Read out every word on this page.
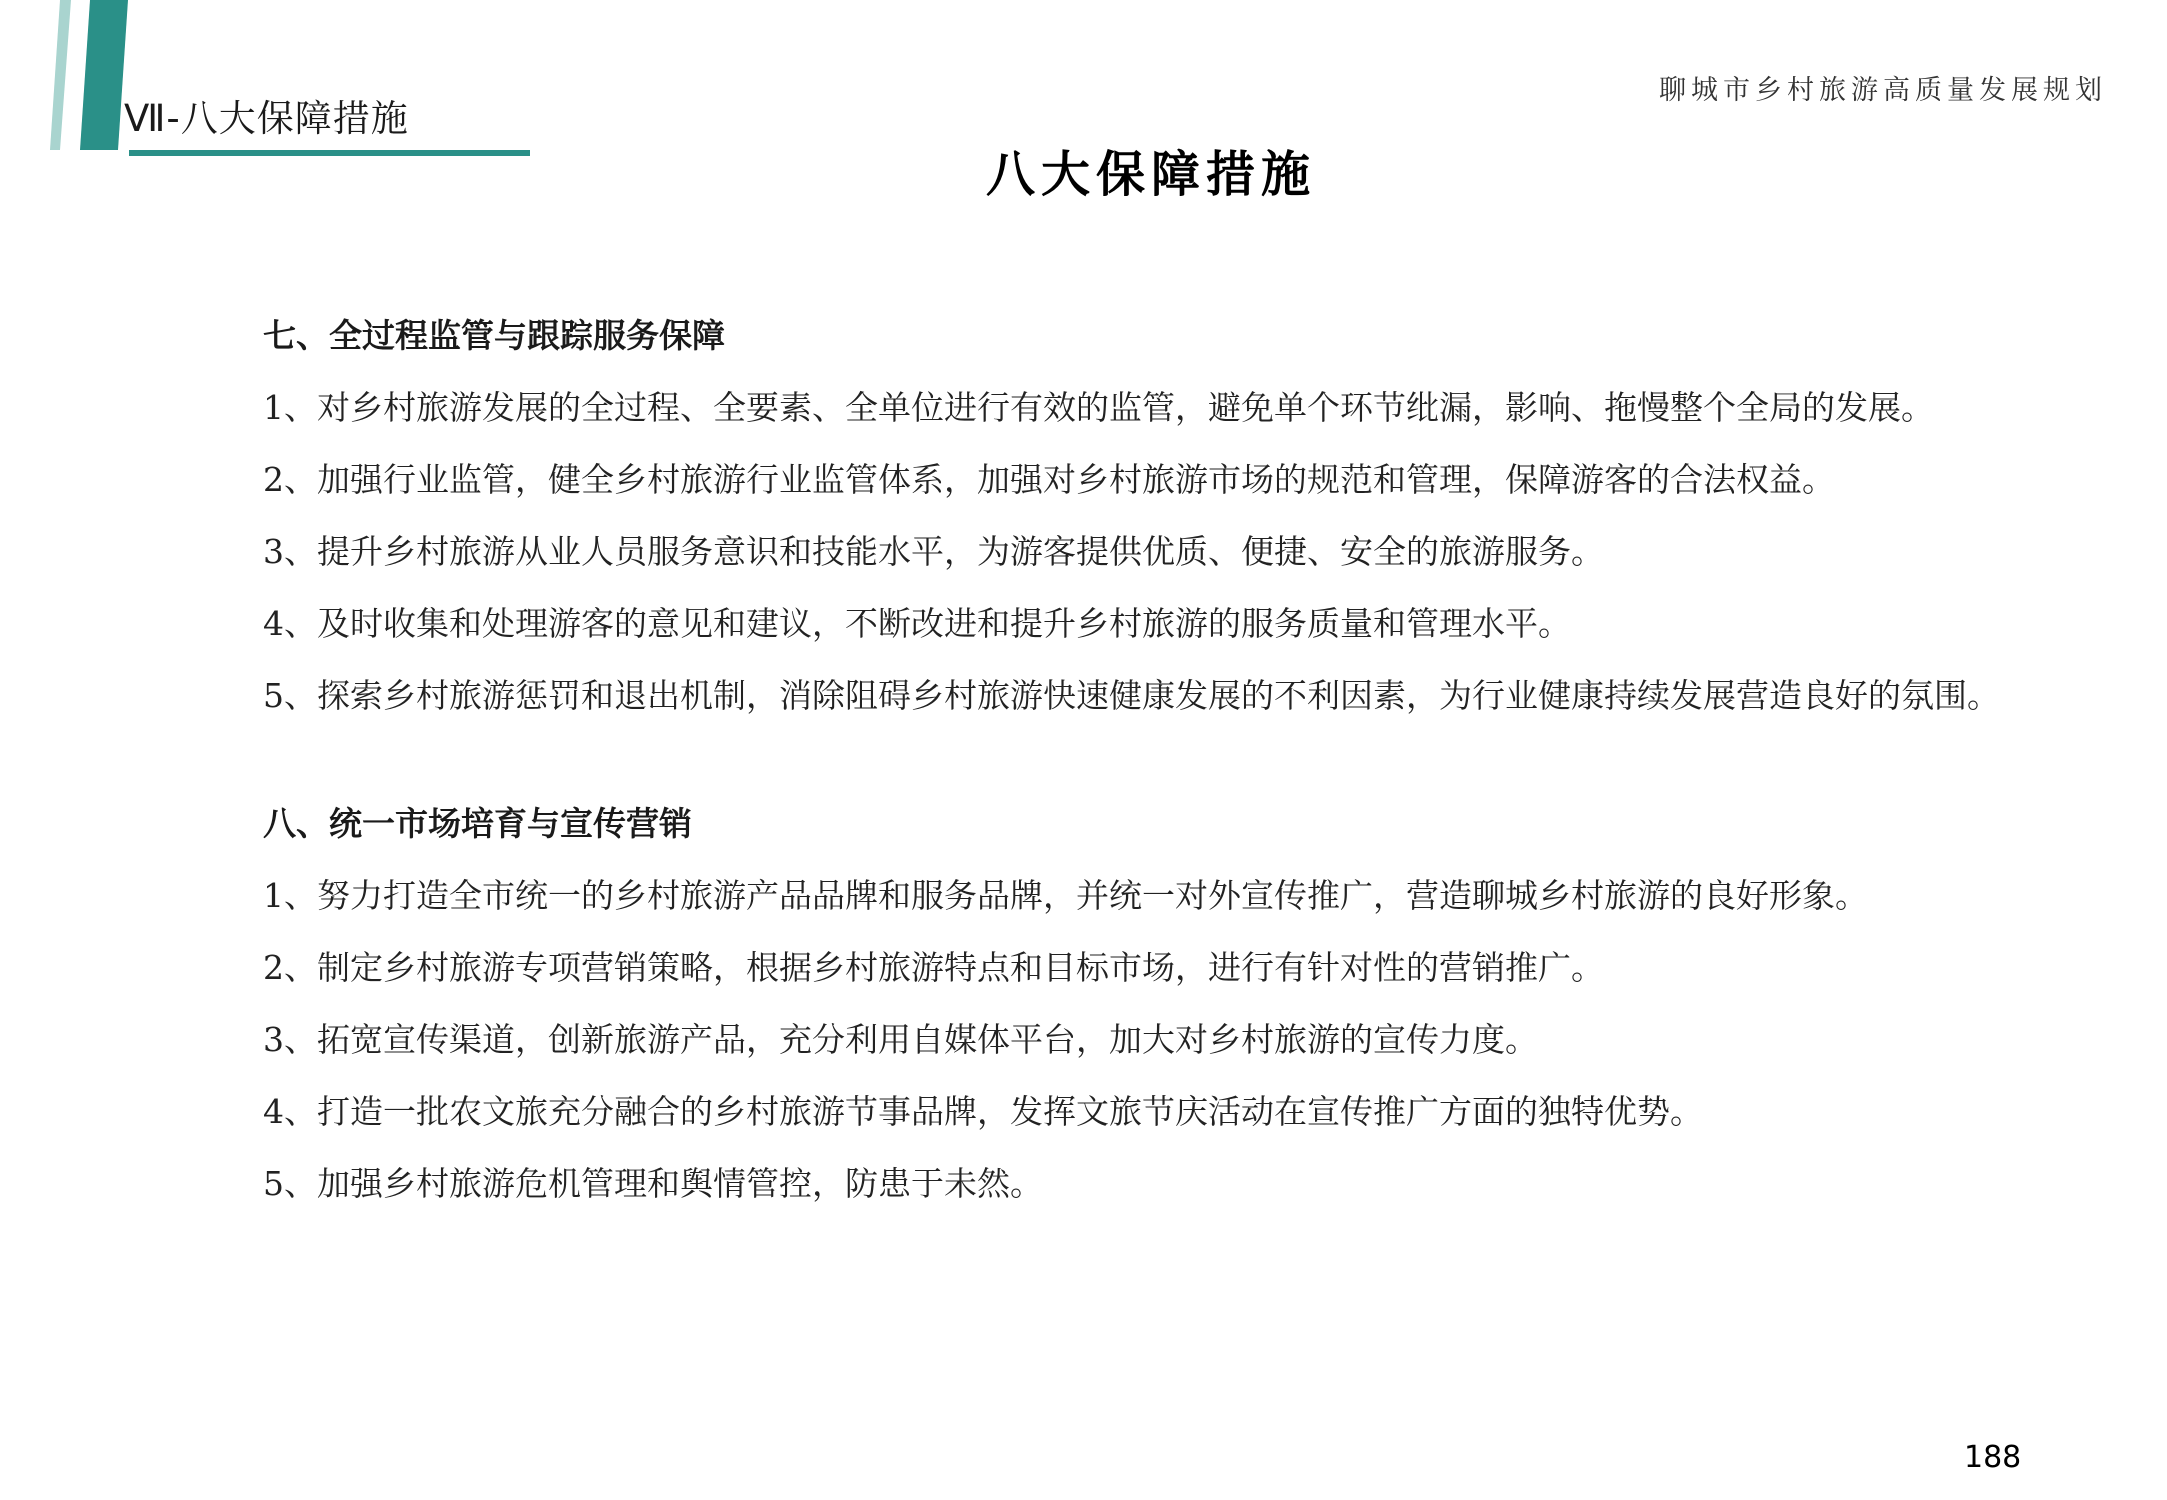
Ⅶ-八大保障措施
聊城市乡村旅游高质量发展规划
八大保障措施
七、全过程监管与跟踪服务保障
1、对乡村旅游发展的全过程、全要素、全单位进行有效的监管，避免单个环节纰漏，影响、拖慢整个全局的发展。
2、加强行业监管，健全乡村旅游行业监管体系，加强对乡村旅游市场的规范和管理，保障游客的合法权益。
3、提升乡村旅游从业人员服务意识和技能水平，为游客提供优质、便捷、安全的旅游服务。
4、及时收集和处理游客的意见和建议，不断改进和提升乡村旅游的服务质量和管理水平。
5、探索乡村旅游惩罚和退出机制，消除阻碍乡村旅游快速健康发展的不利因素，为行业健康持续发展营造良好的氛围。
八、统一市场培育与宣传营销
1、努力打造全市统一的乡村旅游产品品牌和服务品牌，并统一对外宣传推广，营造聊城乡村旅游的良好形象。
2、制定乡村旅游专项营销策略，根据乡村旅游特点和目标市场，进行有针对性的营销推广。
3、拓宽宣传渠道，创新旅游产品，充分利用自媒体平台，加大对乡村旅游的宣传力度。
4、打造一批农文旅充分融合的乡村旅游节事品牌，发挥文旅节庆活动在宣传推广方面的独特优势。
5、加强乡村旅游危机管理和舆情管控，防患于未然。
188
